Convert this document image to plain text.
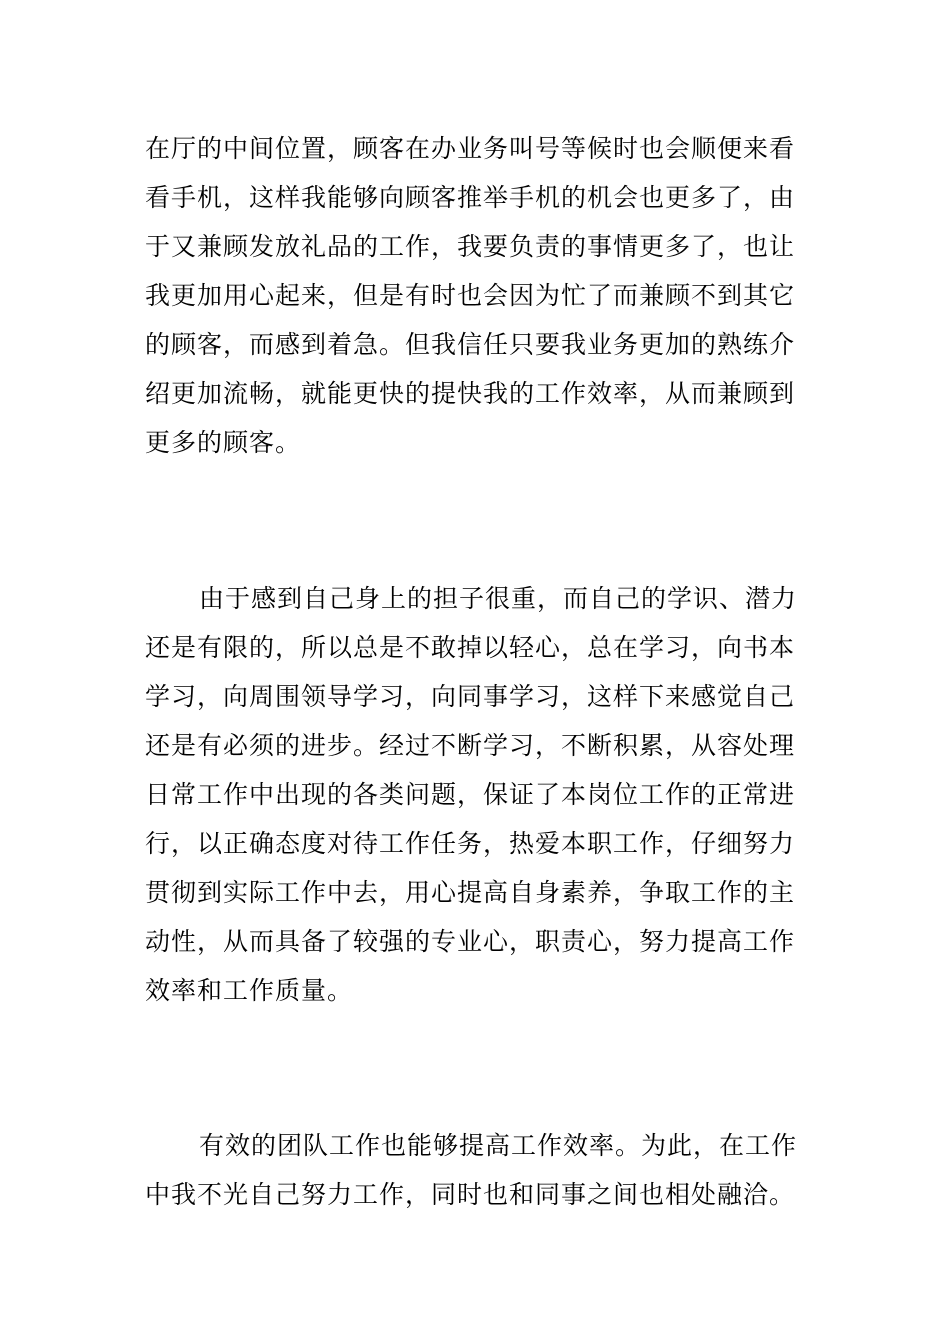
在厅的中间位置，顾客在办业务叫号等候时也会顺便来看
看手机，这样我能够向顾客推举手机的机会也更多了，由
于又兼顾发放礼品的工作，我要负责的事情更多了，也让
我更加用心起来，但是有时也会因为忙了而兼顾不到其它
的顾客，而感到着急。但我信任只要我业务更加的熟练介
绍更加流畅，就能更快的提快我的工作效率，从而兼顾到
更多的顾客。
由于感到自己身上的担子很重，而自己的学识、潜力
还是有限的，所以总是不敢掉以轻心，总在学习，向书本
学习，向周围领导学习，向同事学习，这样下来感觉自己
还是有必须的进步。经过不断学习，不断积累，从容处理
日常工作中出现的各类问题，保证了本岗位工作的正常进
行，以正确态度对待工作任务，热爱本职工作，仔细努力
贯彻到实际工作中去，用心提高自身素养，争取工作的主
动性，从而具备了较强的专业心，职责心，努力提高工作
效率和工作质量。
有效的团队工作也能够提高工作效率。为此，在工作
中我不光自己努力工作，同时也和同事之间也相处融洽。
